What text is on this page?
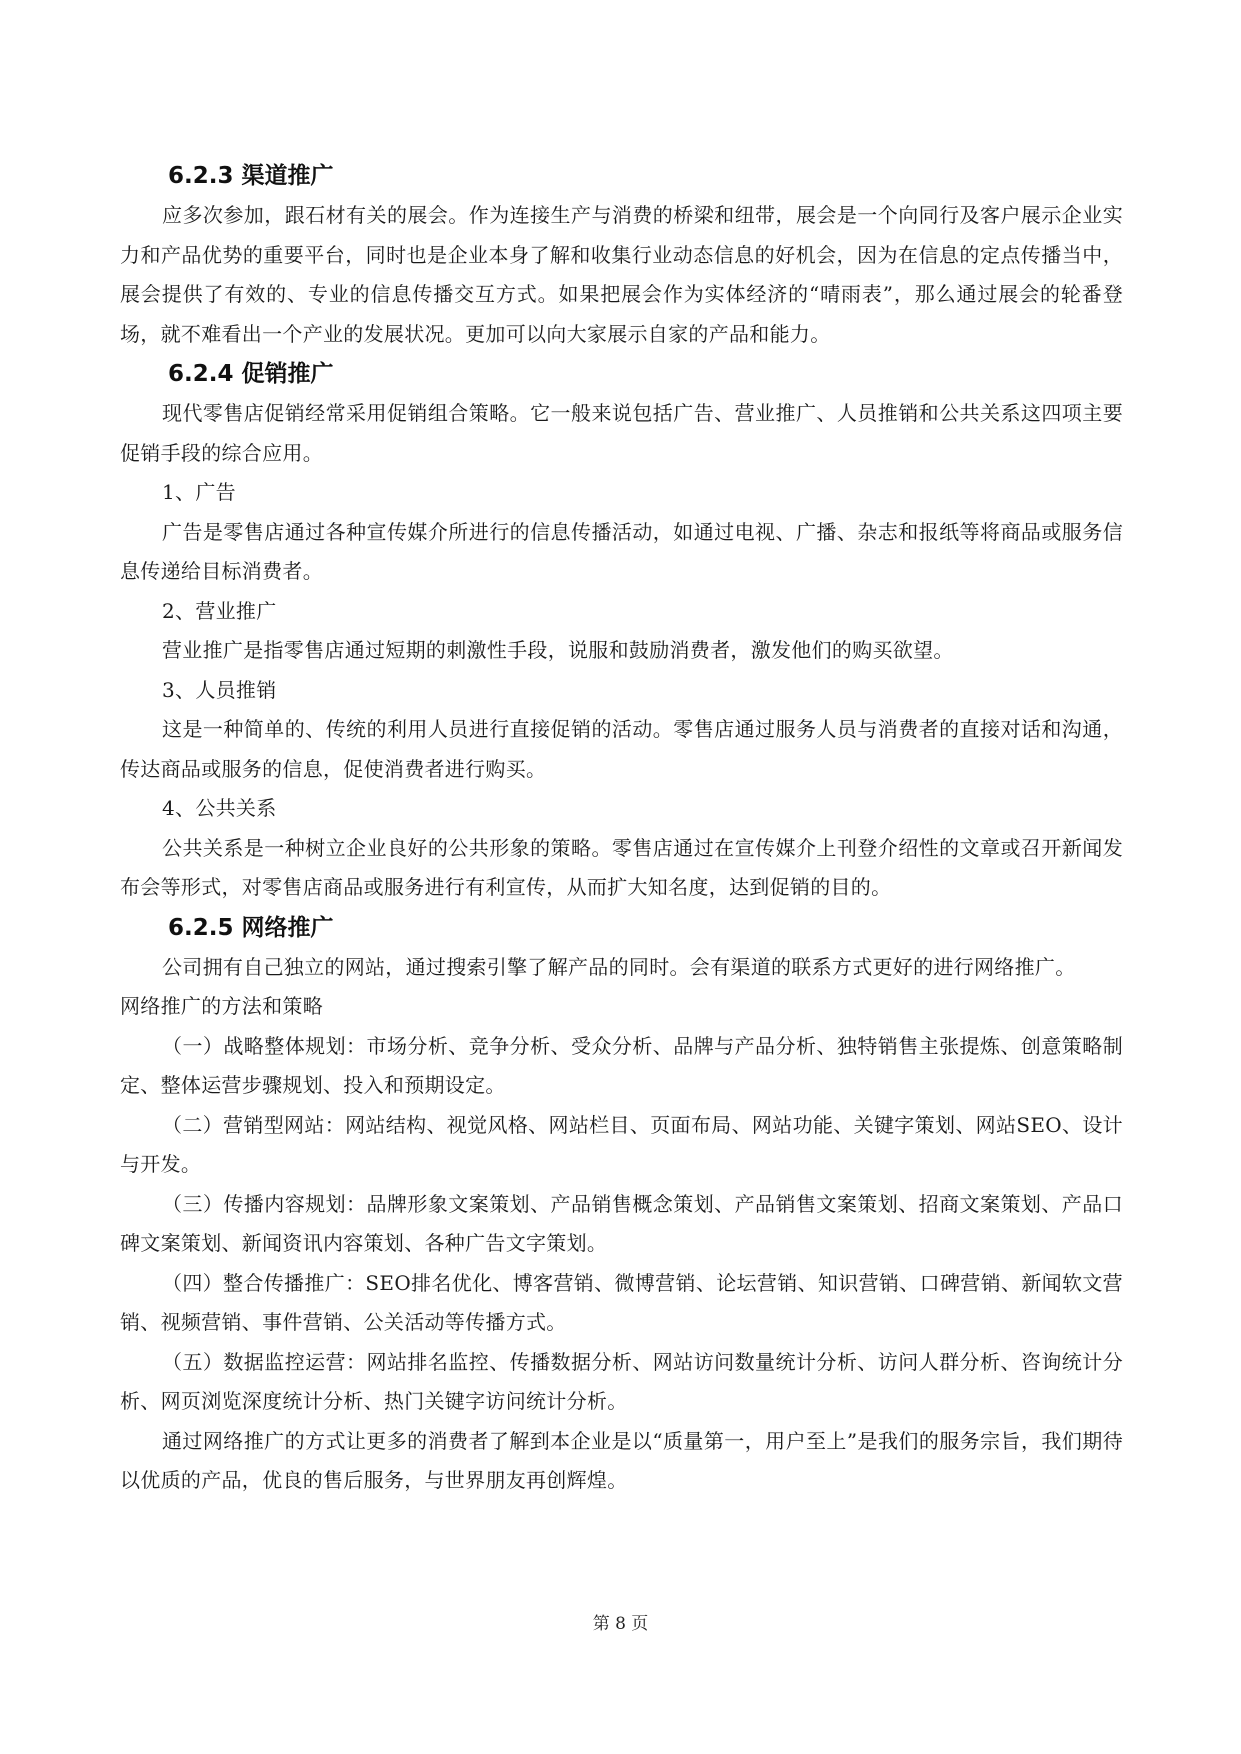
6.2.3 渠道推广

应多次参加，跟石材有关的展会。作为连接生产与消费的桥梁和纽带，展会是一个向同行及客户展示企业实力和产品优势的重要平台，同时也是企业本身了解和收集行业动态信息的好机会，因为在信息的定点传播当中，展会提供了有效的、专业的信息传播交互方式。如果把展会作为实体经济的“晴雨表”，那么通过展会的轮番登场，就不难看出一个产业的发展状况。更加可以向大家展示自家的产品和能力。

6.2.4 促销推广

现代零售店促销经常采用促销组合策略。它一般来说包括广告、营业推广、人员推销和公共关系这四项主要促销手段的综合应用。

1、广告

广告是零售店通过各种宣传媒介所进行的信息传播活动，如通过电视、广播、杂志和报纸等将商品或服务信息传递给目标消费者。

2、营业推广

营业推广是指零售店通过短期的刺激性手段，说服和鼓励消费者，激发他们的购买欲望。

3、人员推销

这是一种简单的、传统的利用人员进行直接促销的活动。零售店通过服务人员与消费者的直接对话和沟通，传达商品或服务的信息，促使消费者进行购买。

4、公共关系

公共关系是一种树立企业良好的公共形象的策略。零售店通过在宣传媒介上刊登介绍性的文章或召开新闻发布会等形式，对零售店商品或服务进行有利宣传，从而扩大知名度，达到促销的目的。

6.2.5 网络推广

公司拥有自己独立的网站，通过搜索引擎了解产品的同时。会有渠道的联系方式更好的进行网络推广。

网络推广的方法和策略

（一）战略整体规划：市场分析、竞争分析、受众分析、品牌与产品分析、独特销售主张提炼、创意策略制定、整体运营步骤规划、投入和预期设定。

（二）营销型网站：网站结构、视觉风格、网站栏目、页面布局、网站功能、关键字策划、网站SEO、设计与开发。

（三）传播内容规划：品牌形象文案策划、产品销售概念策划、产品销售文案策划、招商文案策划、产品口碑文案策划、新闻资讯内容策划、各种广告文字策划。

（四）整合传播推广：SEO排名优化、博客营销、微博营销、论坛营销、知识营销、口碑营销、新闻软文营销、视频营销、事件营销、公关活动等传播方式。

（五）数据监控运营：网站排名监控、传播数据分析、网站访问数量统计分析、访问人群分析、咨询统计分析、网页浏览深度统计分析、热门关键字访问统计分析。

通过网络推广的方式让更多的消费者了解到本企业是以“质量第一，用户至上”是我们的服务宗旨，我们期待以优质的产品，优良的售后服务，与世界朋友再创辉煌。

第 8 页
